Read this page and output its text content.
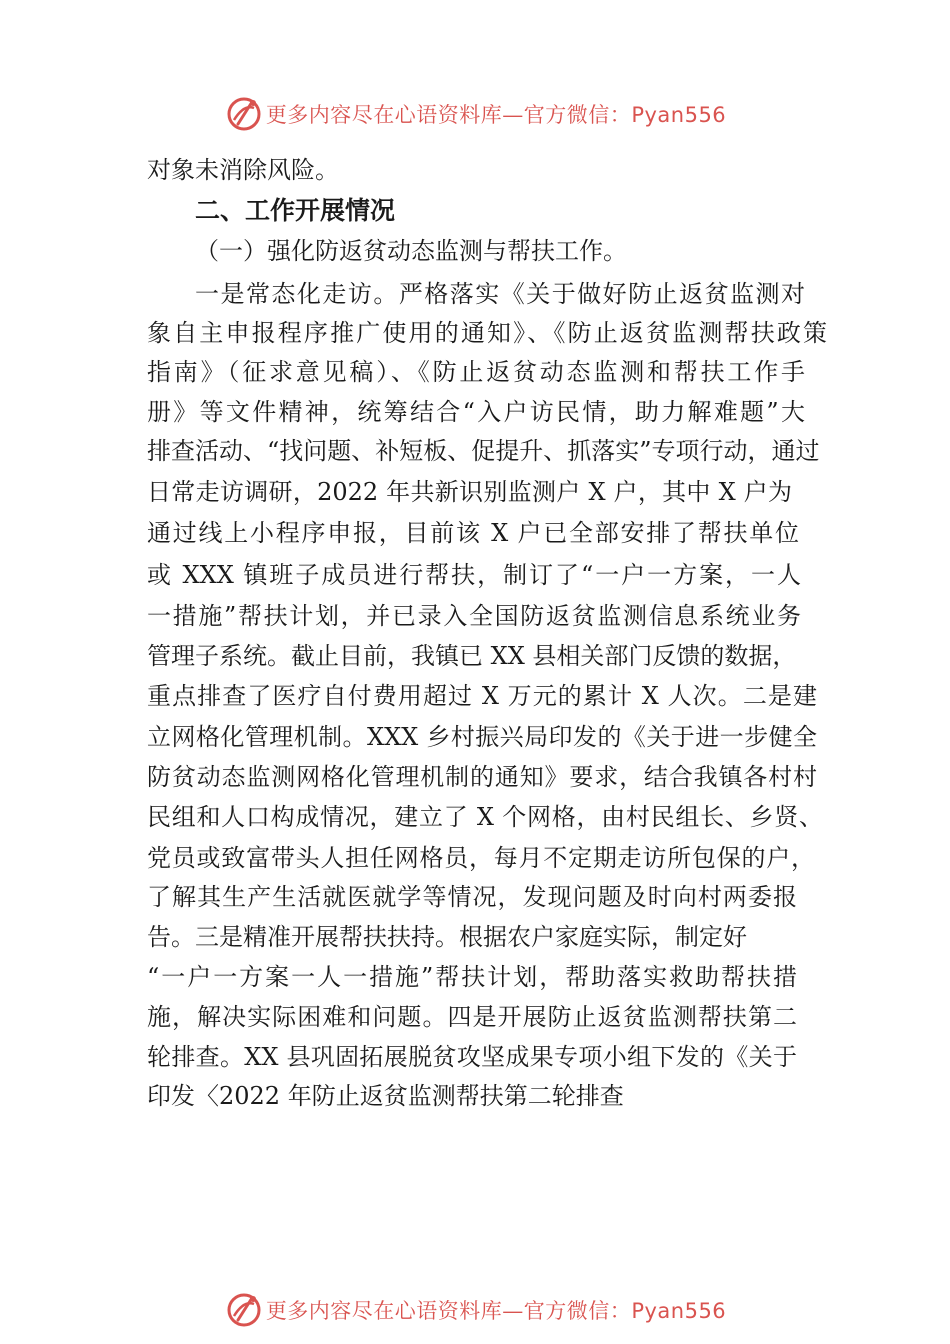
更多内容尽在心语资料库—官方微信：Pyan556
对象未消除风险。
二、工作开展情况
（一）强化防返贫动态监测与帮扶工作。
一是常态化走访。严格落实《关于做好防止返贫监测对
象自主申报程序推广使用的通知》、《防止返贫监测帮扶政策
指南》（征求意见稿）、《防止返贫动态监测和帮扶工作手
册》等文件精神，统筹结合“入户访民情，助力解难题”大
排查活动、“找问题、补短板、促提升、抓落实”专项行动，通过
日常走访调研，2022 年共新识别监测户 X 户，其中 X 户为
通过线上小程序申报，目前该 X 户已全部安排了帮扶单位
或 XXX 镇班子成员进行帮扶，制订了“一户一方案，一人
一措施”帮扶计划，并已录入全国防返贫监测信息系统业务
管理子系统。截止目前，我镇已 XX 县相关部门反馈的数据，
重点排查了医疗自付费用超过 X 万元的累计 X 人次。二是建
立网格化管理机制。XXX 乡村振兴局印发的《关于进一步健全
防贫动态监测网格化管理机制的通知》要求，结合我镇各村村
民组和人口构成情况，建立了 X 个网格，由村民组长、乡贤、
党员或致富带头人担任网格员，每月不定期走访所包保的户，
了解其生产生活就医就学等情况，发现问题及时向村两委报
告。三是精准开展帮扶扶持。根据农户家庭实际，制定好
“一户一方案一人一措施”帮扶计划，帮助落实救助帮扶措
施，解决实际困难和问题。四是开展防止返贫监测帮扶第二
轮排查。XX 县巩固拓展脱贫攻坚成果专项小组下发的《关于
印发〈2022 年防止返贫监测帮扶第二轮排查
更多内容尽在心语资料库—官方微信：Pyan556
